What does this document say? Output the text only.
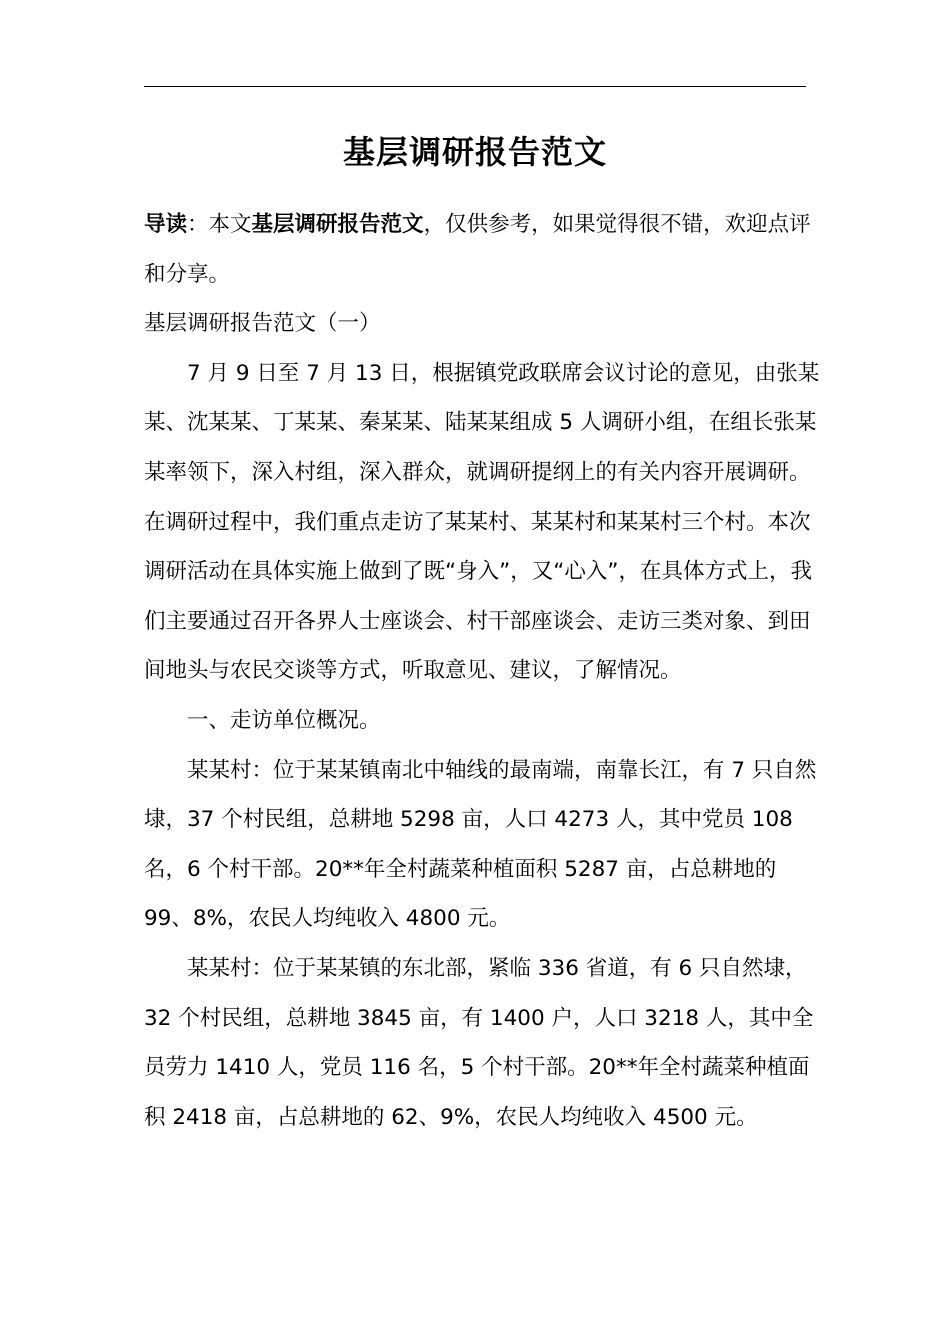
基层调研报告范文

导读：本文基层调研报告范文，仅供参考，如果觉得很不错，欢迎点评和分享。

基层调研报告范文（一）

7 月 9 日至 7 月 13 日，根据镇党政联席会议讨论的意见，由张某某、沈某某、丁某某、秦某某、陆某某组成 5 人调研小组，在组长张某某率领下，深入村组，深入群众，就调研提纲上的有关内容开展调研。在调研过程中，我们重点走访了某某村、某某村和某某村三个村。本次调研活动在具体实施上做到了既“身入”，又“心入”，在具体方式上，我们主要通过召开各界人士座谈会、村干部座谈会、走访三类对象、到田间地头与农民交谈等方式，听取意见、建议，了解情况。

一、走访单位概况。

某某村：位于某某镇南北中轴线的最南端，南靠长江，有 7 只自然埭，37 个村民组，总耕地 5298 亩，人口 4273 人，其中党员 108 名，6 个村干部。20**年全村蔬菜种植面积 5287 亩，占总耕地的 99、8%，农民人均纯收入 4800 元。

某某村：位于某某镇的东北部，紧临 336 省道，有 6 只自然埭，32 个村民组，总耕地 3845 亩，有 1400 户，人口 3218 人，其中全员劳力 1410 人，党员 116 名，5 个村干部。20**年全村蔬菜种植面积 2418 亩，占总耕地的 62、9%，农民人均纯收入 4500 元。
